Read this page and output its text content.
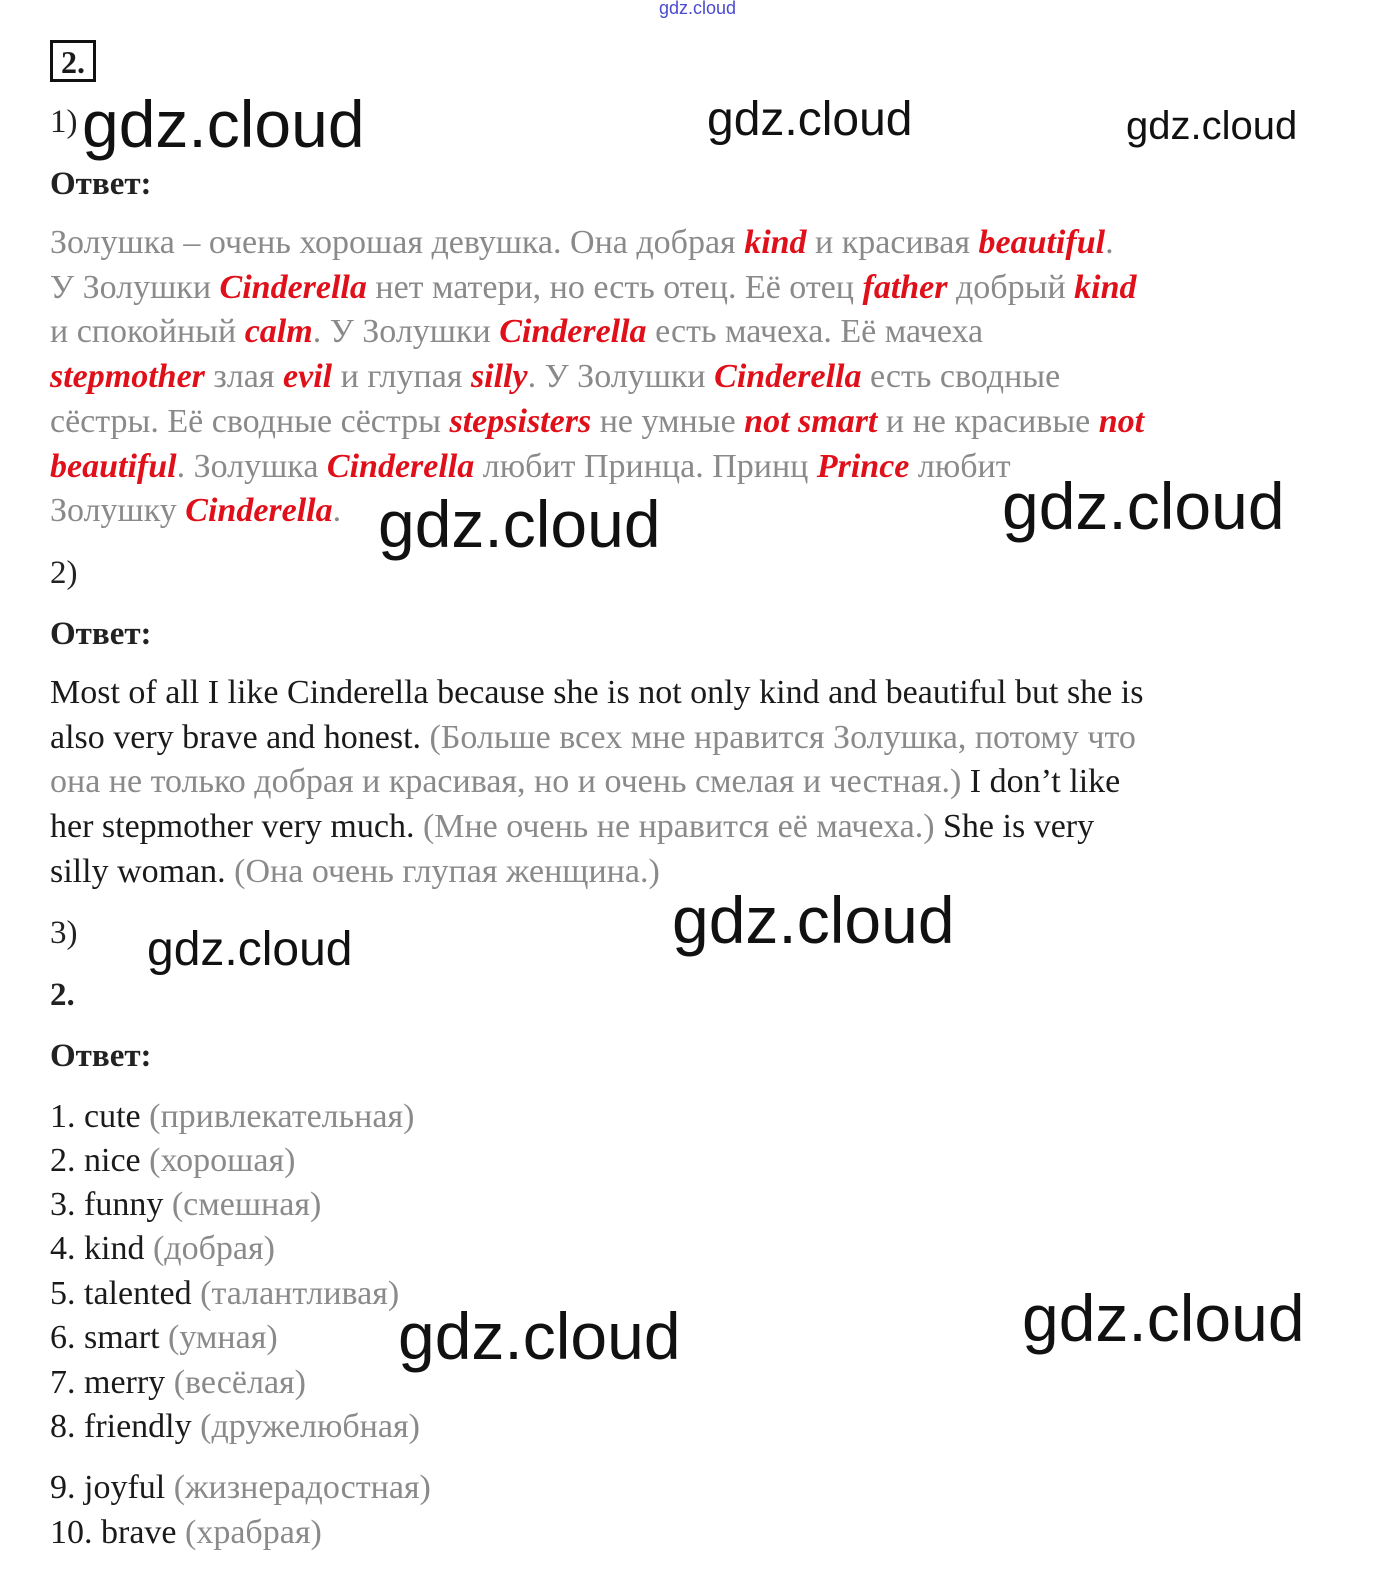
gdz.cloud
2.
1)
Ответ:
Золушка – очень хорошая девушка. Она добрая kind и красивая beautiful.
У Золушки Cinderella нет матери, но есть отец. Её отец father добрый kind
и спокойный calm. У Золушки Cinderella есть мачеха. Её мачеха
stepmother злая evil и глупая silly. У Золушки Cinderella есть сводные
сёстры. Её сводные сёстры stepsisters не умные not smart и не красивые not
beautiful. Золушка Cinderella любит Принца. Принц Prince любит
Золушку Cinderella.
2)
Ответ:
Most of all I like Cinderella because she is not only kind and beautiful but she is
also very brave and honest. (Больше всех мне нравится Золушка, потому что
она не только добрая и красивая, но и очень смелая и честная.) I don’t like
her stepmother very much. (Мне очень не нравится её мачеха.) She is very
silly woman. (Она очень глупая женщина.)
3)
2.
Ответ:
1. cute (привлекательная)
2. nice (хорошая)
3. funny (смешная)
4. kind (добрая)
5. talented (талантливая)
6. smart (умная)
7. merry (весёлая)
8. friendly (дружелюбная)
9. joyful (жизнерадостная)
10. brave (храбрая)
gdz.cloud	gdz.cloud	gdz.cloud
gdz.cloud	gdz.cloud
gdz.cloud
gdz.cloud
gdz.cloud	gdz.cloud
